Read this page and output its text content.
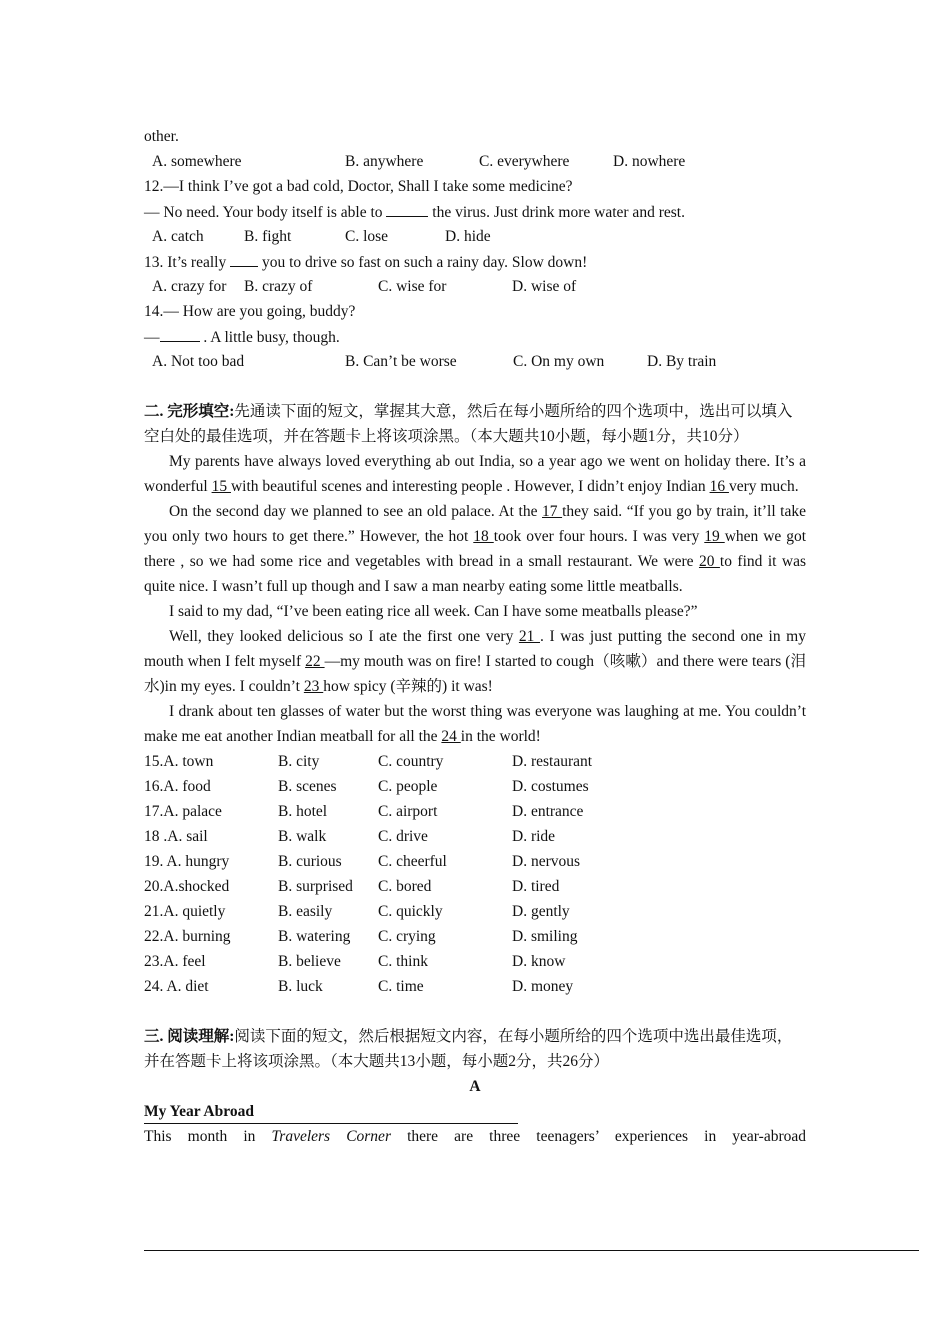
other.
A. somewhere	B. anywhere	C. everywhere	D. nowhere
12.—I think I’ve got a bad cold, Doctor, Shall I take some medicine?
— No need. Your body itself is able to	the virus. Just drink more water and rest.
A. catch	B. fight	C. lose	D. hide
13. It’s really  you to drive so fast on such a rainy day. Slow down!
A. crazy for	B. crazy of	C. wise for	D. wise of
14.— How are you going, buddy?
—	. A little busy, though.
A. Not too bad	B. Can’t be worse	C. On my own	D. By train

二. 完形填空:先通读下面的短文，掌握其大意，然后在每小题所给的四个选项中，选出可以填入空白处的最佳选项，并在答题卡上将该项涂黑。（本大题共10小题，每小题1分，共10分）

My parents have always loved everything ab out India, so a year ago we went on holiday there. It’s a wonderful 15 with beautiful scenes and interesting people . However, I didn’t enjoy Indian 16 very much.

On the second day we planned to see an old palace. At the 17 they said. “If you go by train, it’ll take you only two hours to get there.” However, the hot 18 took over four hours. I was very 19 when we got there , so we had some rice and vegetables with bread in a small restaurant. We were 20 to find it was quite nice. I wasn’t full up though and I saw a man nearby eating some little meatballs.

I said to my dad, “I’ve been eating rice all week. Can I have some meatballs please?”

Well, they looked delicious so I ate the first one very 21 . I was just putting the second one in my mouth when I felt myself 22 —my mouth was on fire! I started to cough（咳嗽）and there were tears (泪水)in my eyes. I couldn’t 23 how spicy (辛辣的) it was!

I drank about ten glasses of water but the worst thing was everyone was laughing at me. You couldn’t make me eat another Indian meatball for all the 24 in the world!

15.A. town	B. city	C. country	D. restaurant
16.A. food	B. scenes	C. people	D. costumes
17.A. palace	B. hotel	C. airport	D. entrance
18 .A. sail	B. walk	C. drive	D. ride
19. A. hungry	B. curious	C. cheerful	D. nervous
20.A.shocked	B. surprised	C. bored	D. tired
21.A. quietly	B. easily	C. quickly	D. gently
22.A. burning	B. watering	C. crying	D. smiling
23.A. feel	B. believe	C. think	D. know
24. A. diet	B. luck	C. time	D. money

三. 阅读理解:阅读下面的短文，然后根据短文内容，在每小题所给的四个选项中选出最佳选项，并在答题卡上将该项涂黑。（本大题共13小题，每小题2分，共26分）

A
My Year Abroad
This month in Travelers Corner there are three teenagers’ experiences in year-abroad
